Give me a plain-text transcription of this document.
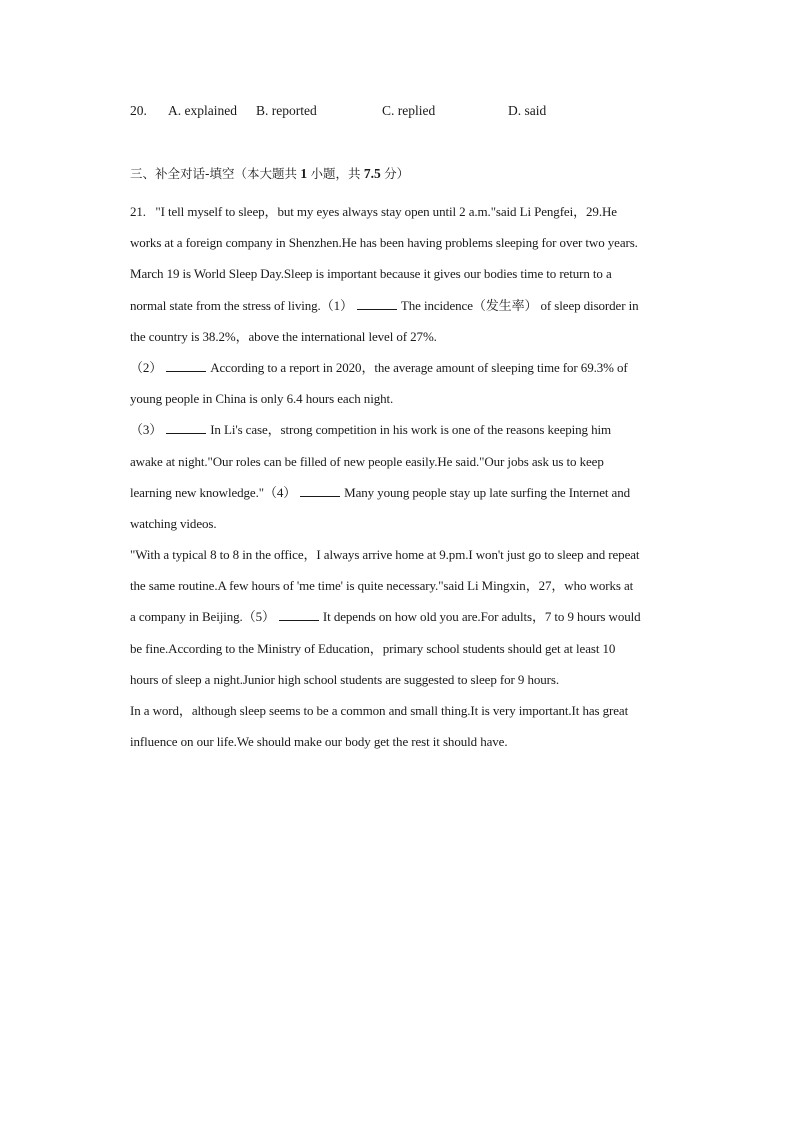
20. A. explained B. reported	C. replied	D. said
三、补全对话-填空（本大题共 1 小题，共 7.5 分）
21. "I tell myself to sleep，but my eyes always stay open until 2 a.m."said Li Pengfei，29.He
works at a foreign company in Shenzhen.He has been having problems sleeping for over two years.
March 19 is World Sleep Day.Sleep is important because it gives our bodies time to return to a
normal state from the stress of living.（1）	The incidence（发生率） of sleep disorder in
the country is 38.2%，above the international level of 27%.
（2）	According to a report in 2020，the average amount of sleeping time for 69.3% of
young people in China is only 6.4 hours each night.
（3）	In Li's case，strong competition in his work is one of the reasons keeping him
awake at night."Our roles can be filled of new people easily.He said."Our jobs ask us to keep
learning new knowledge."（4）	Many young people stay up late surfing the Internet and
watching videos.
"With a typical 8 to 8 in the office，I always arrive home at 9.pm.I won't just go to sleep and repeat
the same routine.A few hours of 'me time' is quite necessary."said Li Mingxin，27，who works at
a company in Beijing.（5）	It depends on how old you are.For adults，7 to 9 hours would
be fine.According to the Ministry of Education，primary school students should get at least 10
hours of sleep a night.Junior high school students are suggested to sleep for 9 hours.
In a word，although sleep seems to be a common and small thing.It is very important.It has great
influence on our life.We should make our body get the rest it should have.
